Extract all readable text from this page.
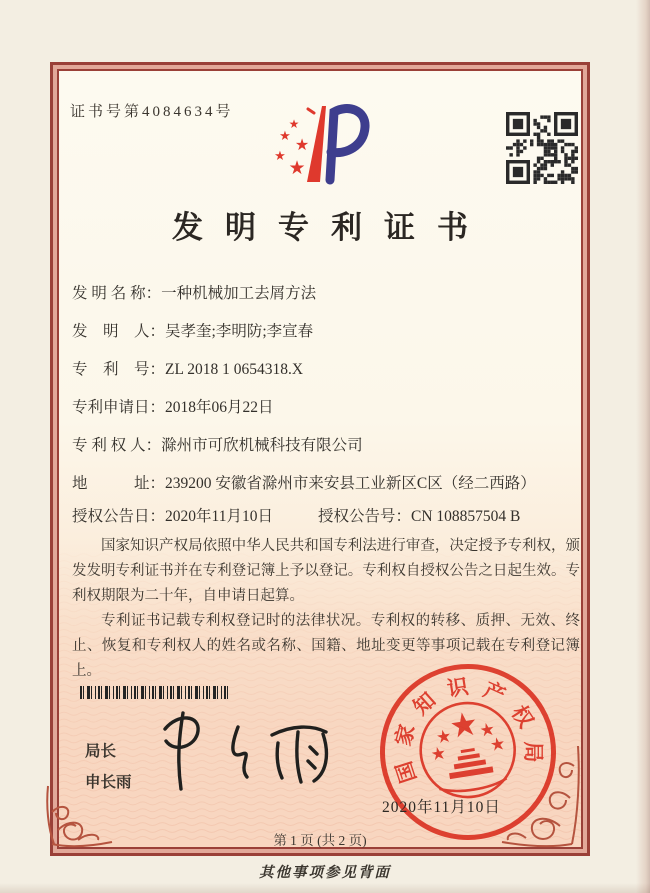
证书号第4084634号
★
★ ★
★
★
发明专利证书
发 明 名 称：一种机械加工去屑方法
发　明　人：吴孝奎;李明防;李宣春
专　利　号：ZL 2018 1 0654318.X
专利申请日：2018年06月22日
专 利 权 人：滁州市可欣机械科技有限公司
地　　　址：239200 安徽省滁州市来安县工业新区C区（经二西路）
授权公告日：2020年11月10日	授权公告号：CN 108857504 B

国家知识产权局依照中华人民共和国专利法进行审查，决定授予专利权，颁发发明专利证书并在专利登记簿上予以登记。专利权自授权公告之日起生效。专利权期限为二十年，自申请日起算。

专利证书记载专利权登记时的法律状况。专利权的转移、质押、无效、终止、恢复和专利权人的姓名或名称、国籍、地址变更等事项记载在专利登记簿上。

局长
申长雨	国
家
知 识 产
权
局
2020年11月10日
第 1 页 (共 2 页)
其他事项参见背面
